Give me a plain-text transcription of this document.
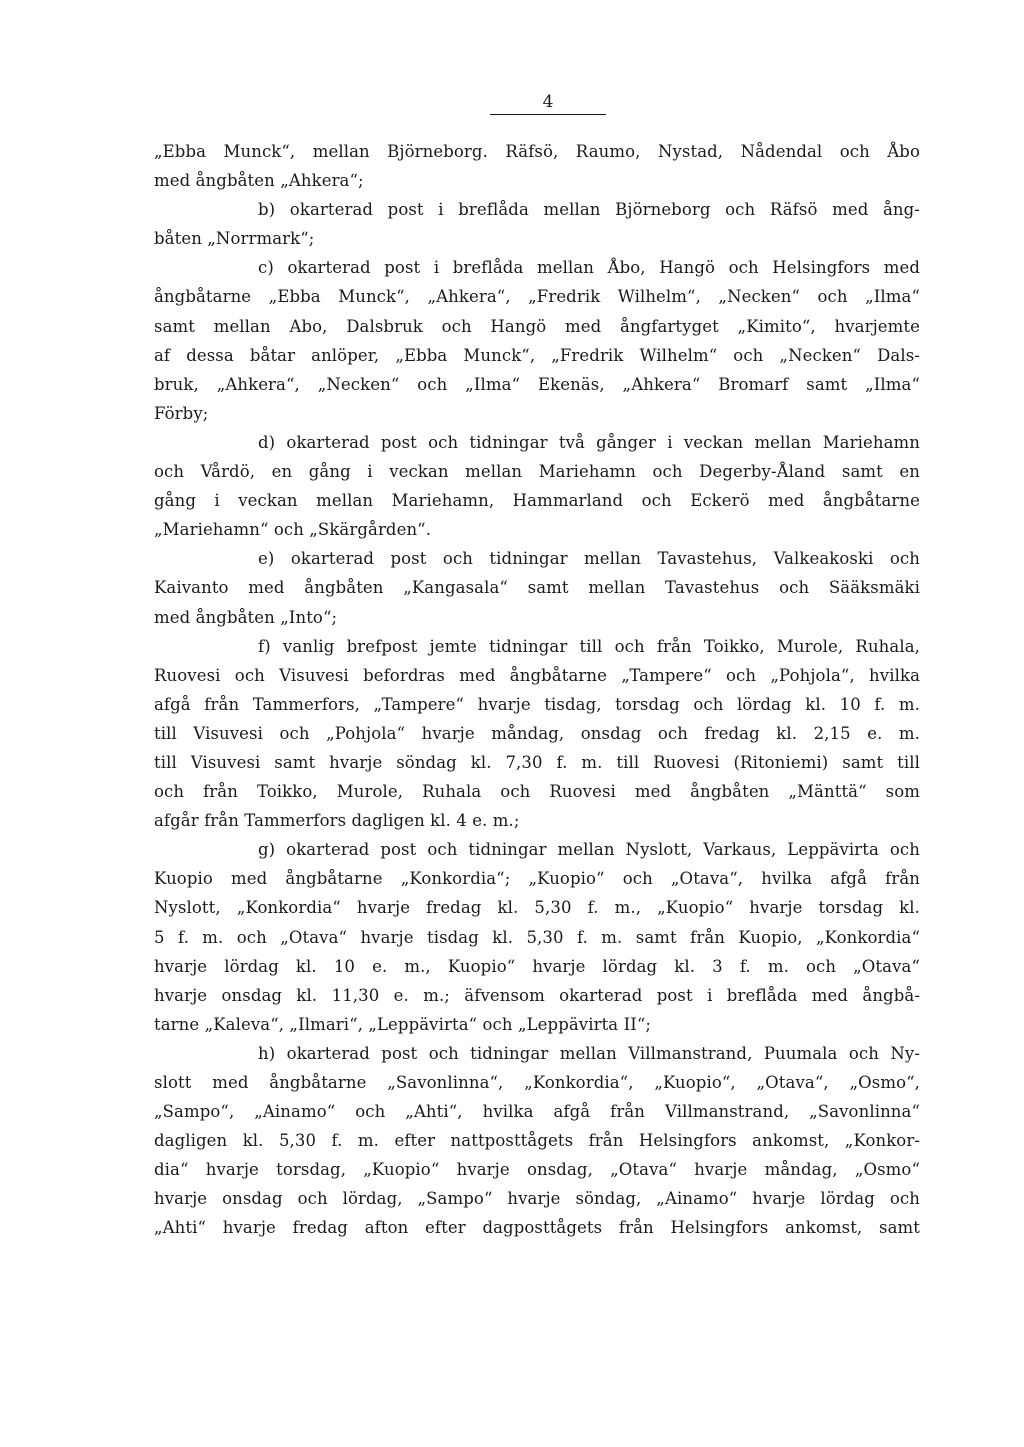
4
„Ebba Munck“, mellan Björneborg. Räfsö, Raumo, Nystad, Nådendal och Åbo
med ångbåten „Ahkera“;
b) okarterad post i breflåda mellan Björneborg och Räfsö med ång-
båten „Norrmark“;
c) okarterad post i breflåda mellan Åbo, Hangö och Helsingfors med
ångbåtarne „Ebba Munck“, „Ahkera“, „Fredrik Wilhelm“, „Necken“ och „Ilma“
samt mellan Abo, Dalsbruk och Hangö med ångfartyget „Kimito“, hvarjemte
af dessa båtar anlöper, „Ebba Munck“, „Fredrik Wilhelm“ och „Necken“ Dals-
bruk, „Ahkera“, „Necken“ och „Ilma“ Ekenäs, „Ahkera“ Bromarf samt „Ilma“
Förby;
d) okarterad post och tidningar två gånger i veckan mellan Mariehamn
och Vårdö, en gång i veckan mellan Mariehamn och Degerby-Åland samt en
gång i veckan mellan Mariehamn, Hammarland och Eckerö med ångbåtarne
„Mariehamn“ och „Skärgården“.
e) okarterad post och tidningar mellan Tavastehus, Valkeakoski och
Kaivanto med ångbåten „Kangasala“ samt mellan Tavastehus och Sääksmäki
med ångbåten „Into“;
f) vanlig brefpost jemte tidningar till och från Toikko, Murole, Ruhala,
Ruovesi och Visuvesi befordras med ångbåtarne „Tampere“ och „Pohjola“, hvilka
afgå från Tammerfors, „Tampere“ hvarje tisdag, torsdag och lördag kl. 10 f. m.
till Visuvesi och „Pohjola“ hvarje måndag, onsdag och fredag kl. 2,15 e. m.
till Visuvesi samt hvarje söndag kl. 7,30 f. m. till Ruovesi (Ritoniemi) samt till
och från Toikko, Murole, Ruhala och Ruovesi med ångbåten „Mänttä“ som
afgår från Tammerfors dagligen kl. 4 e. m.;
g) okarterad post och tidningar mellan Nyslott, Varkaus, Leppävirta och
Kuopio med ångbåtarne „Konkordia“; „Kuopio“ och „Otava“, hvilka afgå från
Nyslott, „Konkordia“ hvarje fredag kl. 5,30 f. m., „Kuopio“ hvarje torsdag kl.
5 f. m. och „Otava“ hvarje tisdag kl. 5,30 f. m. samt från Kuopio, „Konkordia“
hvarje lördag kl. 10 e. m., Kuopio“ hvarje lördag kl. 3 f. m. och „Otava“
hvarje onsdag kl. 11,30 e. m.; äfvensom okarterad post i breflåda med ångbå-
tarne „Kaleva“, „Ilmari“, „Leppävirta“ och „Leppävirta II“;
h) okarterad post och tidningar mellan Villmanstrand, Puumala och Ny-
slott med ångbåtarne „Savonlinna“, „Konkordia“, „Kuopio“, „Otava“, „Osmo“,
„Sampo“, „Ainamo“ och „Ahti“, hvilka afgå från Villmanstrand, „Savonlinna“
dagligen kl. 5,30 f. m. efter nattposttågets från Helsingfors ankomst, „Konkor-
dia“ hvarje torsdag, „Kuopio“ hvarje onsdag, „Otava“ hvarje måndag, „Osmo“
hvarje onsdag och lördag, „Sampo“ hvarje söndag, „Ainamo“ hvarje lördag och
„Ahti“ hvarje fredag afton efter dagposttågets från Helsingfors ankomst, samt
